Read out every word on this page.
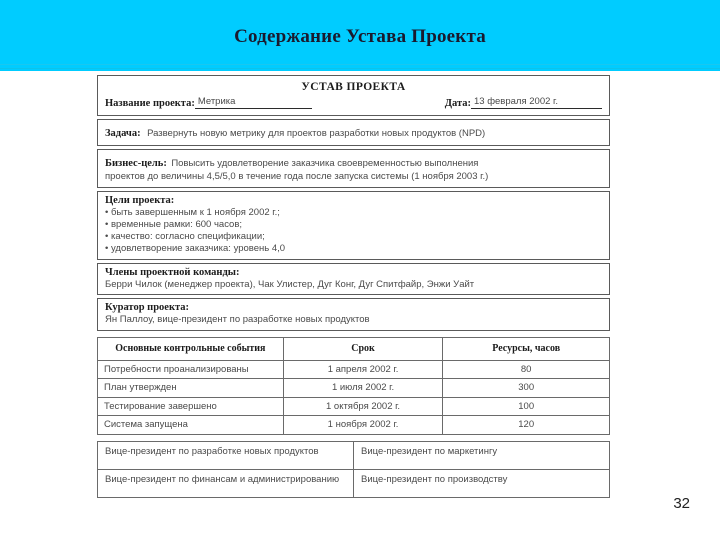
Содержание Устава Проекта
32
УСТАВ ПРОЕКТА
Название проекта: Метрика	Дата: 13 февраля 2002 г.
Задача: Развернуть новую метрику для проектов разработки новых продуктов (NPD)
Бизнес-цель: Повысить удовлетворение заказчика своевременностью выполнения
проектов до величины 4,5/5,0 в течение года после запуска системы (1 ноября 2003 г.)
Цели проекта:
• быть завершенным к 1 ноября 2002 г.;
• временные рамки: 600 часов;
• качество: согласно спецификации;
• удовлетворение заказчика: уровень 4,0
Члены проектной команды:
Берри Чилок (менеджер проекта), Чак Улистер, Дуг Конг, Дуг Спитфайр, Энжи Уайт
Куратор проекта:
Ян Паллоу, вице-президент по разработке новых продуктов
Основные контрольные события	Срок	Ресурсы, часов
Потребности проанализированы	1 апреля 2002 г.	80
План утвержден	1 июля 2002 г.	300
Тестирование завершено	1 октября 2002 г.	100
Система запущена	1 ноября 2002 г.	120
Вице-президент по разработке новых продуктов	Вице-президент по маркетингу
Вице-президент по финансам и администрированию	Вице-президент по производству
